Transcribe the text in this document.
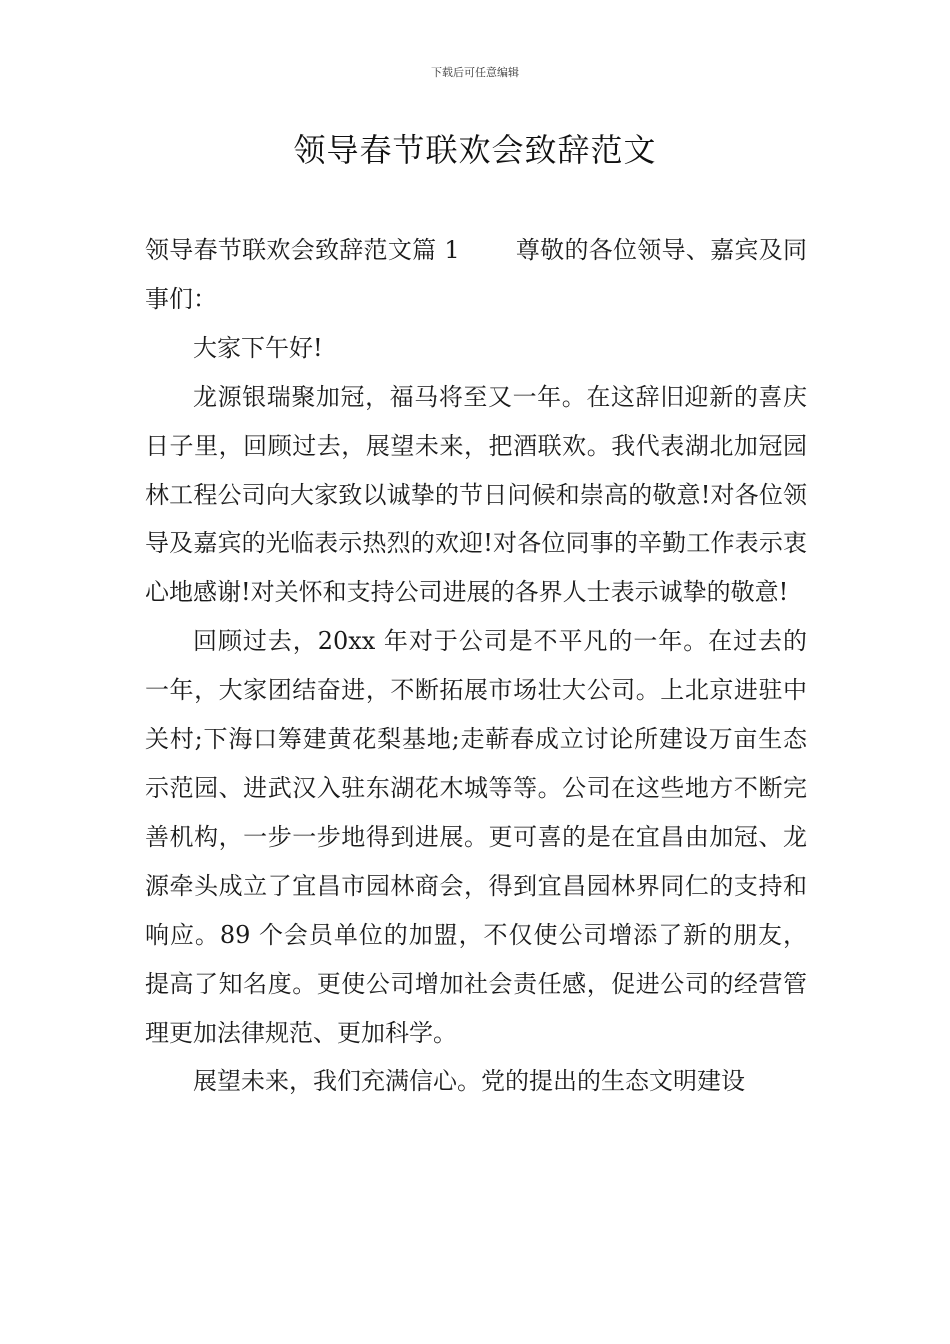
下载后可任意编辑
领导春节联欢会致辞范文

领导春节联欢会致辞范文篇 1 尊敬的各位领导、嘉宾及同事们：

大家下午好!

龙源银瑞聚加冠，福马将至又一年。在这辞旧迎新的喜庆日子里，回顾过去，展望未来，把酒联欢。我代表湖北加冠园林工程公司向大家致以诚挚的节日问候和崇高的敬意!对各位领导及嘉宾的光临表示热烈的欢迎!对各位同事的辛勤工作表示衷心地感谢!对关怀和支持公司进展的各界人士表示诚挚的敬意!

回顾过去，20xx 年对于公司是不平凡的一年。在过去的一年，大家团结奋进，不断拓展市场壮大公司。上北京进驻中关村;下海口筹建黄花梨基地;走蕲春成立讨论所建设万亩生态示范园、进武汉入驻东湖花木城等等。公司在这些地方不断完善机构，一步一步地得到进展。更可喜的是在宜昌由加冠、龙源牵头成立了宜昌市园林商会，得到宜昌园林界同仁的支持和响应。89 个会员单位的加盟，不仅使公司增添了新的朋友，提高了知名度。更使公司增加社会责任感，促进公司的经营管理更加法律规范、更加科学。

展望未来，我们充满信心。党的提出的生态文明建设
